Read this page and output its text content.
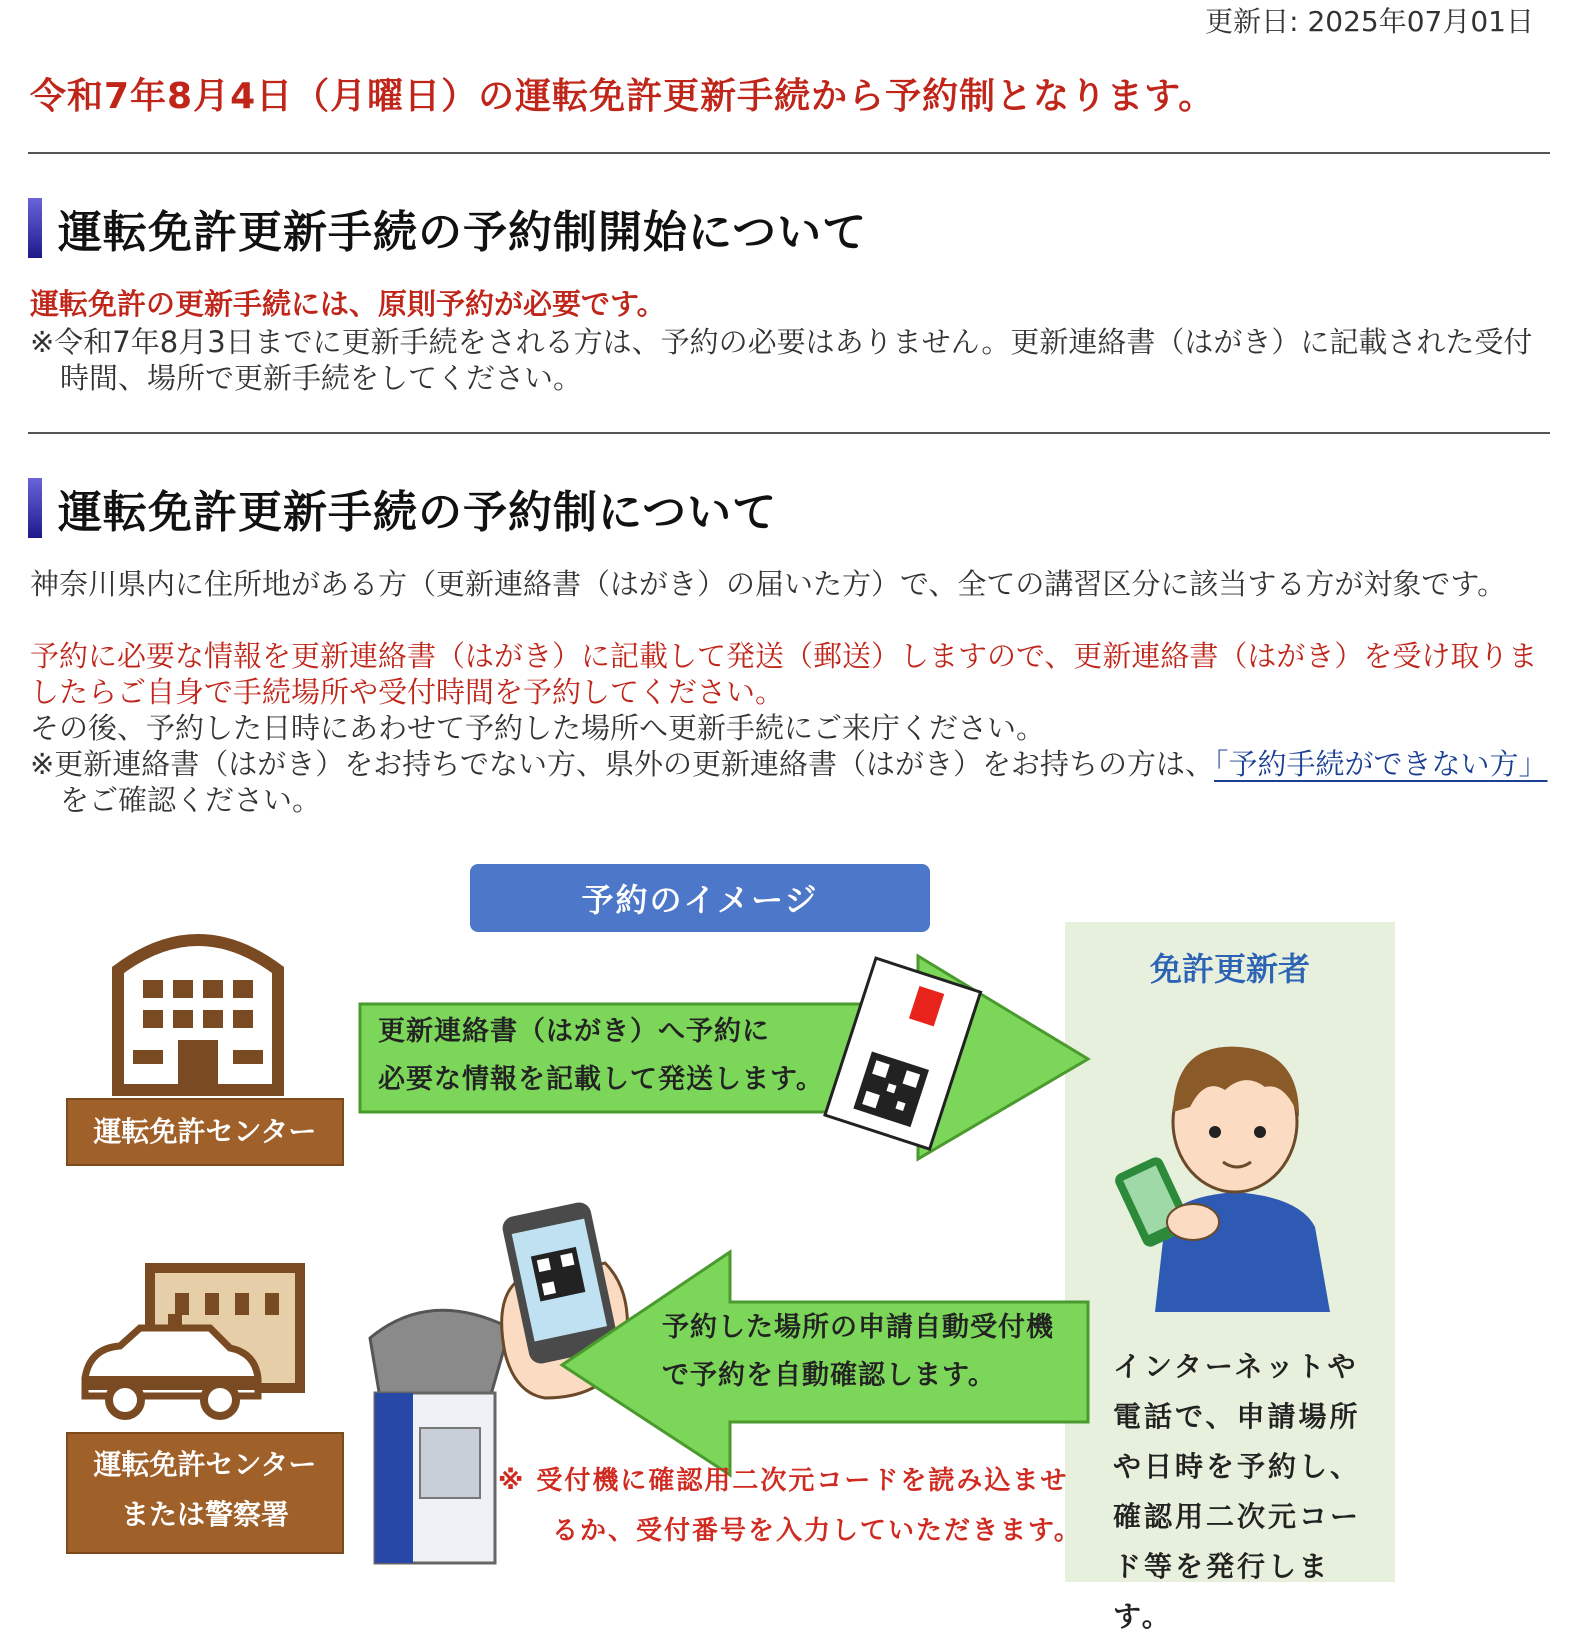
更新日: 2025年07月01日
令和7年8月4日（月曜日）の運転免許更新手続から予約制となります。
運転免許更新手続の予約制開始について
運転免許の更新手続には、原則予約が必要です。
※令和7年8月3日までに更新手続をされる方は、予約の必要はありません。更新連絡書（はがき）に記載された受付時間、場所で更新手続をしてください。
運転免許更新手続の予約制について
神奈川県内に住所地がある方（更新連絡書（はがき）の届いた方）で、全ての講習区分に該当する方が対象です。
予約に必要な情報を更新連絡書（はがき）に記載して発送（郵送）しますので、更新連絡書（はがき）を受け取りましたらご自身で手続場所や受付時間を予約してください。
その後、予約した日時にあわせて予約した場所へ更新手続にご来庁ください。
※更新連絡書（はがき）をお持ちでない方、県外の更新連絡書（はがき）をお持ちの方は、「予約手続ができない方」をご確認ください。
免許更新者
インターネットや電話で、申請場所や日時を予約し、確認用二次元コード等を発行します。
予約のイメージ
運転免許センター
更新連絡書（はがき）へ予約に
必要な情報を記載して発送します。
運転免許センター
または警察署
予約した場所の申請自動受付機
で予約を自動確認します。
※ 受付機に確認用二次元コードを読み込ませ
るか、受付番号を入力していただきます。
